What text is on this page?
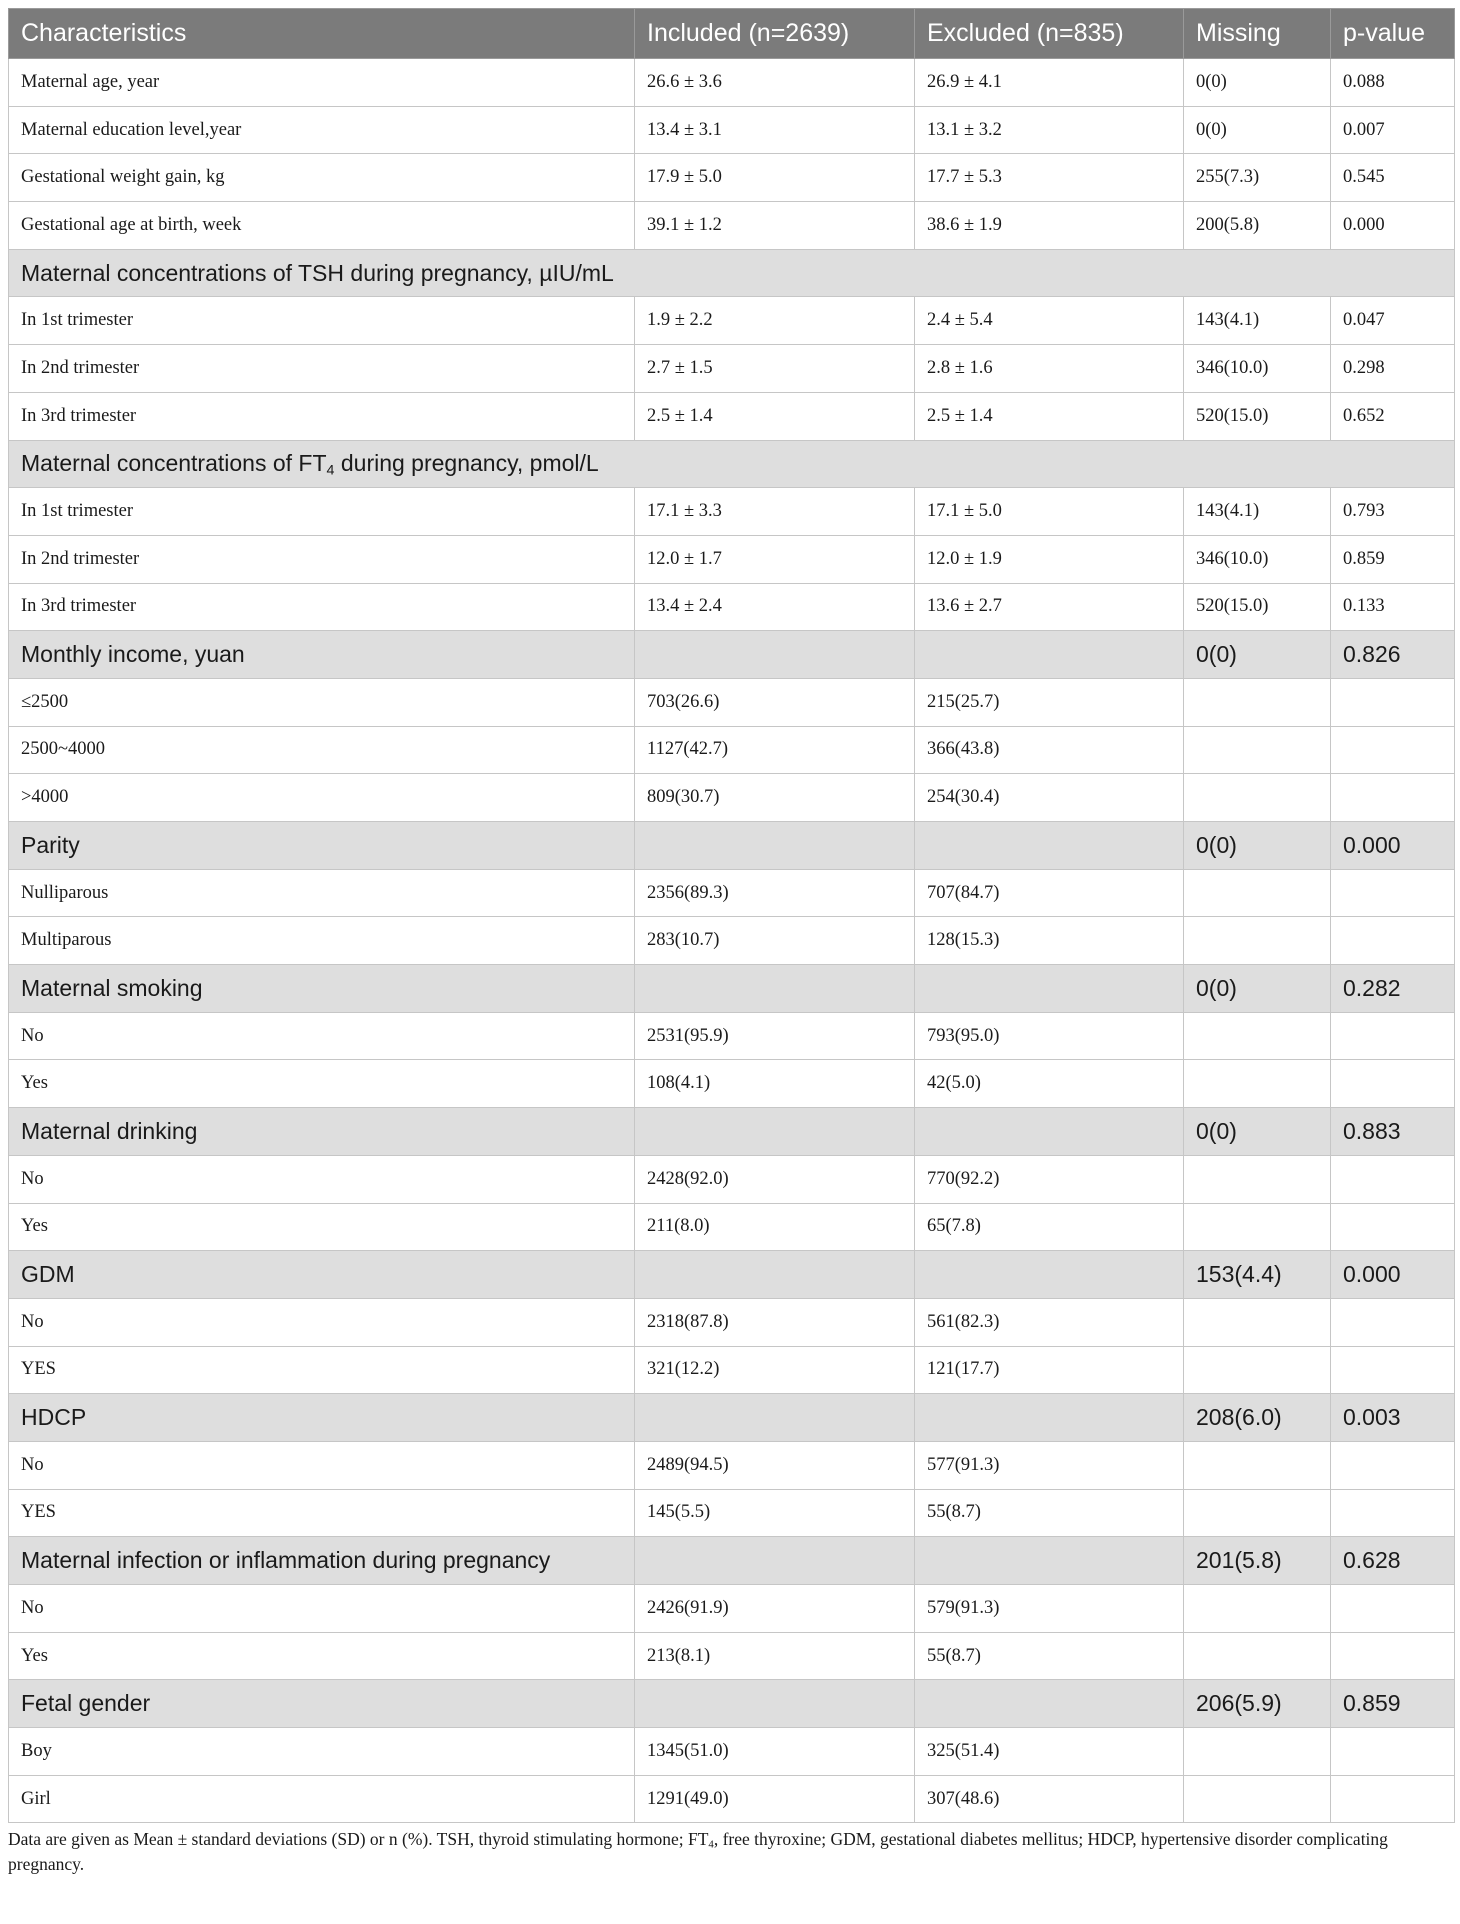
Characteristics	Included (n=2639)	Excluded (n=835)	Missing	p-value
Maternal age, year	26.6 ± 3.6	26.9 ± 4.1	0(0)	0.088
Maternal education level,year	13.4 ± 3.1	13.1 ± 3.2	0(0)	0.007
Gestational weight gain, kg	17.9 ± 5.0	17.7 ± 5.3	255(7.3)	0.545
Gestational age at birth, week	39.1 ± 1.2	38.6 ± 1.9	200(5.8)	0.000
Maternal concentrations of TSH during pregnancy, µIU/mL				
In 1st trimester	1.9 ± 2.2	2.4 ± 5.4	143(4.1)	0.047
In 2nd trimester	2.7 ± 1.5	2.8 ± 1.6	346(10.0)	0.298
In 3rd trimester	2.5 ± 1.4	2.5 ± 1.4	520(15.0)	0.652
Maternal concentrations of $FT_4$ during pregnancy, pmol/L				
In 1st trimester	17.1 ± 3.3	17.1 ± 5.0	143(4.1)	0.793
In 2nd trimester	12.0 ± 1.7	12.0 ± 1.9	346(10.0)	0.859
In 3rd trimester	13.4 ± 2.4	13.6 ± 2.7	520(15.0)	0.133
Monthly income, yuan			0(0)	0.826
≤2500	703(26.6)	215(25.7)		
2500~4000	1127(42.7)	366(43.8)		
>4000	809(30.7)	254(30.4)		
Parity			0(0)	0.000
Nulliparous	2356(89.3)	707(84.7)		
Multiparous	283(10.7)	128(15.3)		
Maternal smoking			0(0)	0.282
No	2531(95.9)	793(95.0)		
Yes	108(4.1)	42(5.0)		
Maternal drinking			0(0)	0.883
No	2428(92.0)	770(92.2)		
Yes	211(8.0)	65(7.8)		
GDM			153(4.4)	0.000
No	2318(87.8)	561(82.3)		
YES	321(12.2)	121(17.7)		
HDCP			208(6.0)	0.003
No	2489(94.5)	577(91.3)		
YES	145(5.5)	55(8.7)		
Maternal infection or inflammation during pregnancy			201(5.8)	0.628
No	2426(91.9)	579(91.3)		
Yes	213(8.1)	55(8.7)		
Fetal gender			206(5.9)	0.859
Boy	1345(51.0)	325(51.4)		
Girl	1291(49.0)	307(48.6)		
Data are given as Mean ± standard deviations (SD) or n (%). TSH, thyroid stimulating hormone; $FT_4$, free thyroxine; GDM, gestational diabetes mellitus; HDCP, hypertensive disorder complicating pregnancy.
